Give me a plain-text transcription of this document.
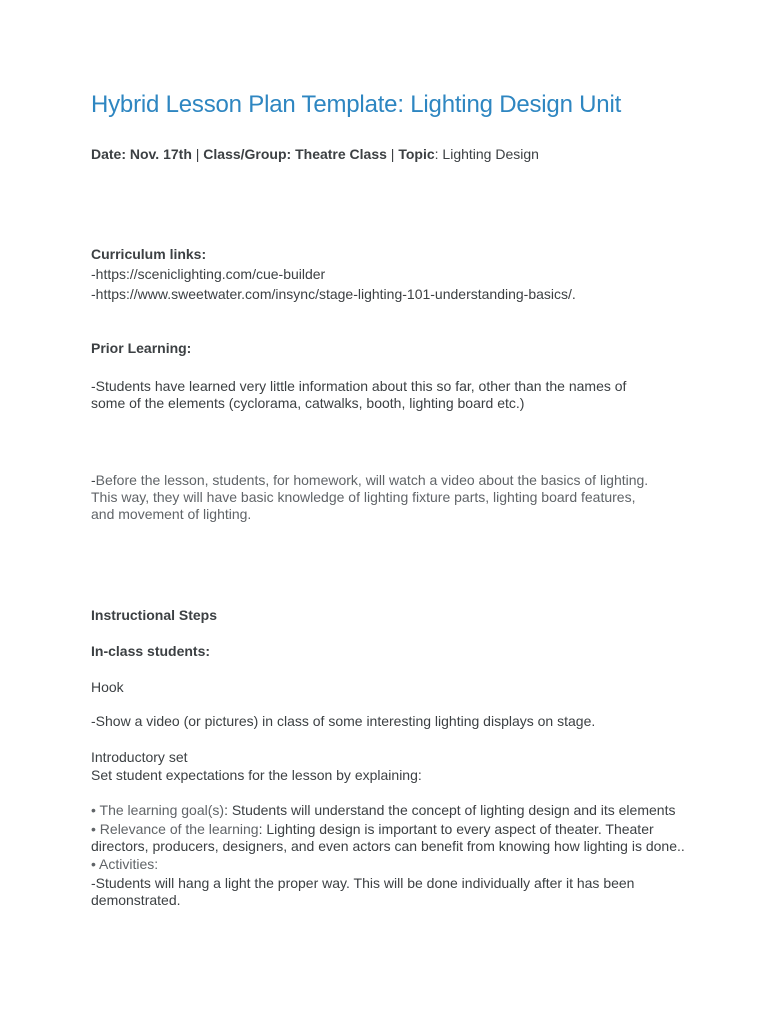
Hybrid Lesson Plan Template: Lighting Design Unit
Date: Nov. 17th | Class/Group: Theatre Class | Topic: Lighting Design
Curriculum links:
-https://sceniclighting.com/cue-builder
-https://www.sweetwater.com/insync/stage-lighting-101-understanding-basics/.
Prior Learning:
-Students have learned very little information about this so far, other than the names of
some of the elements (cyclorama, catwalks, booth, lighting board etc.)
-Before the lesson, students, for homework, will watch a video about the basics of lighting.
This way, they will have basic knowledge of lighting fixture parts, lighting board features,
and movement of lighting.
Instructional Steps
In-class students:
Hook
-Show a video (or pictures) in class of some interesting lighting displays on stage.
Introductory set
Set student expectations for the lesson by explaining:
• The learning goal(s): Students will understand the concept of lighting design and its elements
• Relevance of the learning: Lighting design is important to every aspect of theater. Theater
directors, producers, designers, and even actors can benefit from knowing how lighting is done..
• Activities:
-Students will hang a light the proper way. This will be done individually after it has been
demonstrated.
